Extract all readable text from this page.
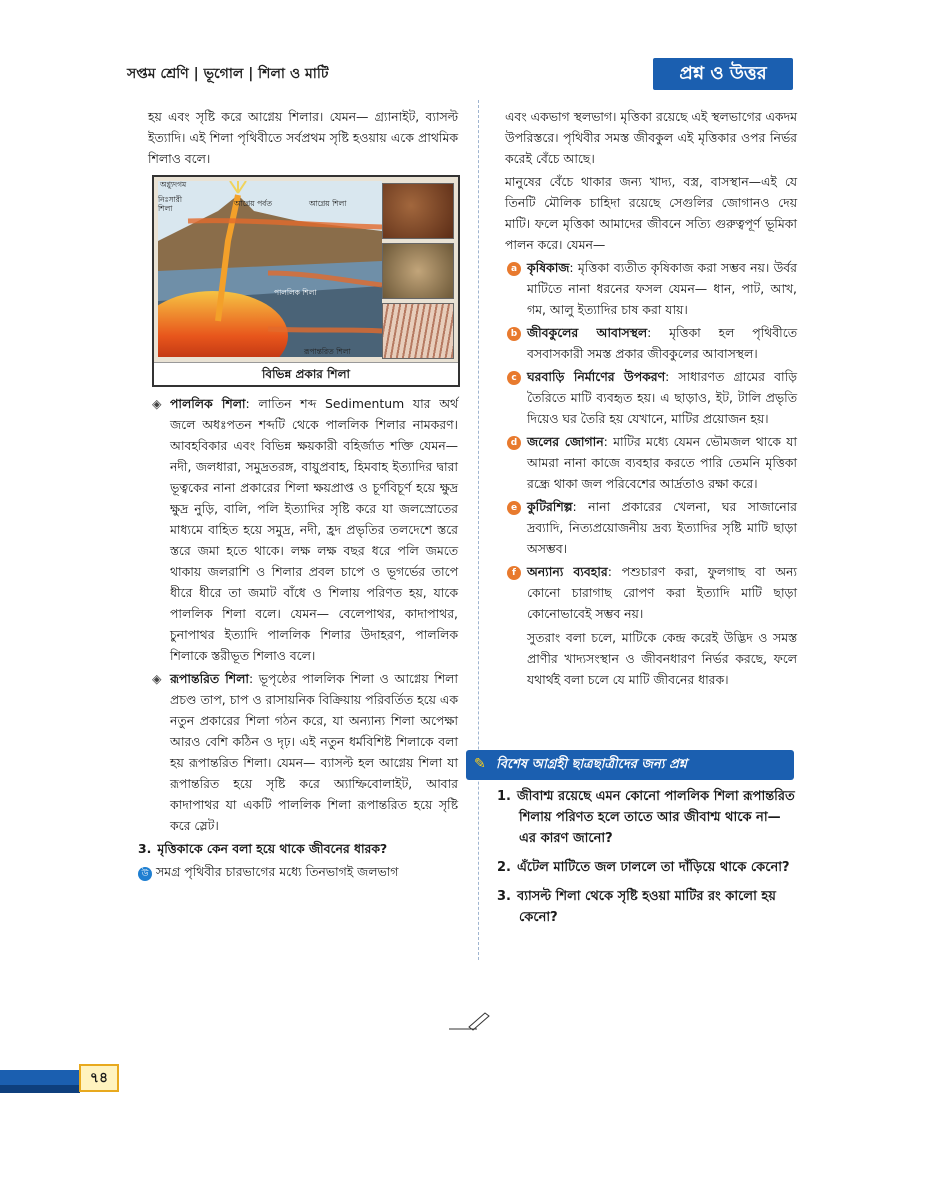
সপ্তম শ্রেণি | ভূগোল | শিলা ও মাটি	প্রশ্ন ও উত্তর

হয় এবং সৃষ্টি করে আগ্নেয় শিলার। যেমন— গ্র্যানাইট, ব্যাসল্ট ইত্যাদি। এই শিলা পৃথিবীতে সর্বপ্রথম সৃষ্টি হওয়ায় একে প্রাথমিক শিলাও বলে।

অগ্ন্যুদগম
নিঃসারী
শিলা
আগ্নেয় পর্বত	আগ্নেয় শিলা
পাললিক শিলা
রূপান্তরিত শিলা
বিভিন্ন প্রকার শিলা

◈ পাললিক শিলা: লাতিন শব্দ Sedimentum যার অর্থ জলে অধঃপতন শব্দটি থেকে পাললিক শিলার নামকরণ। আবহবিকার এবং বিভিন্ন ক্ষয়কারী বহির্জাত শক্তি যেমন— নদী, জলধারা, সমুদ্রতরঙ্গ, বায়ুপ্রবাহ, হিমবাহ ইত্যাদির দ্বারা ভূত্বকের নানা প্রকারের শিলা ক্ষয়প্রাপ্ত ও চূর্ণবিচূর্ণ হয়ে ক্ষুদ্র ক্ষুদ্র নুড়ি, বালি, পলি ইত্যাদির সৃষ্টি করে যা জলস্রোতের মাধ্যমে বাহিত হয়ে সমুদ্র, নদী, হ্রদ প্রভৃতির তলদেশে স্তরে স্তরে জমা হতে থাকে। লক্ষ লক্ষ বছর ধরে পলি জমতে থাকায় জলরাশি ও শিলার প্রবল চাপে ও ভূগর্ভের তাপে ধীরে ধীরে তা জমাট বাঁধে ও শিলায় পরিণত হয়, যাকে পাললিক শিলা বলে। যেমন— বেলেপাথর, কাদাপাথর, চুনাপাথর ইত্যাদি পাললিক শিলার উদাহরণ, পাললিক শিলাকে স্তরীভূত শিলাও বলে।

◈ রূপান্তরিত শিলা: ভূপৃষ্ঠের পাললিক শিলা ও আগ্নেয় শিলা প্রচণ্ড তাপ, চাপ ও রাসায়নিক বিক্রিয়ায় পরিবর্তিত হয়ে এক নতুন প্রকারের শিলা গঠন করে, যা অন্যান্য শিলা অপেক্ষা আরও বেশি কঠিন ও দৃঢ়। এই নতুন ধর্মবিশিষ্ট শিলাকে বলা হয় রূপান্তরিত শিলা। যেমন— ব্যাসল্ট হল আগ্নেয় শিলা যা রূপান্তরিত হয়ে সৃষ্টি করে অ্যাম্ফিবোলাইট, আবার কাদাপাথর যা একটি পাললিক শিলা রূপান্তরিত হয়ে সৃষ্টি করে স্লেট।

3. মৃত্তিকাকে কেন বলা হয়ে থাকে জীবনের ধারক?

উ সমগ্র পৃথিবীর চারভাগের মধ্যে তিনভাগই জলভাগ

এবং একভাগ স্থলভাগ। মৃত্তিকা রয়েছে এই স্থলভাগের একদম উপরিস্তরে। পৃথিবীর সমস্ত জীবকুল এই মৃত্তিকার ওপর নির্ভর করেই বেঁচে আছে।

মানুষের বেঁচে থাকার জন্য খাদ্য, বস্ত্র, বাসস্থান—এই যে তিনটি মৌলিক চাহিদা রয়েছে সেগুলির জোগানও দেয় মাটি। ফলে মৃত্তিকা আমাদের জীবনে সত্যি গুরুত্বপূর্ণ ভূমিকা পালন করে। যেমন—

a কৃষিকাজ: মৃত্তিকা ব্যতীত কৃষিকাজ করা সম্ভব নয়। উর্বর মাটিতে নানা ধরনের ফসল যেমন— ধান, পাট, আখ, গম, আলু ইত্যাদির চাষ করা যায়।
b জীবকুলের আবাসস্থল: মৃত্তিকা হল পৃথিবীতে বসবাসকারী সমস্ত প্রকার জীবকুলের আবাসস্থল।
c ঘরবাড়ি নির্মাণের উপকরণ: সাধারণত গ্রামের বাড়ি তৈরিতে মাটি ব্যবহৃত হয়। এ ছাড়াও, ইট, টালি প্রভৃতি দিয়েও ঘর তৈরি হয় যেখানে, মাটির প্রয়োজন হয়।
d জলের জোগান: মাটির মধ্যে যেমন ভৌমজল থাকে যা আমরা নানা কাজে ব্যবহার করতে পারি তেমনি মৃত্তিকা রন্ধ্রে থাকা জল পরিবেশের আর্দ্রতাও রক্ষা করে।
e কুটিরশিল্প: নানা প্রকারের খেলনা, ঘর সাজানোর দ্রব্যাদি, নিত্যপ্রয়োজনীয় দ্রব্য ইত্যাদির সৃষ্টি মাটি ছাড়া অসম্ভব।
f অন্যান্য ব্যবহার: পশুচারণ করা, ফুলগাছ বা অন্য কোনো চারাগাছ রোপণ করা ইত্যাদি মাটি ছাড়া কোনোভাবেই সম্ভব নয়।

সুতরাং বলা চলে, মাটিকে কেন্দ্র করেই উদ্ভিদ ও সমস্ত প্রাণীর খাদ্যসংস্থান ও জীবনধারণ নির্ভর করছে, ফলে যথার্থই বলা চলে যে মাটি জীবনের ধারক।

✎ বিশেষ আগ্রহী ছাত্রছাত্রীদের জন্য প্রশ্ন
1. জীবাশ্ম রয়েছে এমন কোনো পাললিক শিলা রূপান্তরিত শিলায় পরিণত হলে তাতে আর জীবাশ্ম থাকে না— এর কারণ জানো?
2. এঁটেল মাটিতে জল ঢাললে তা দাঁড়িয়ে থাকে কেনো?
3. ব্যাসল্ট শিলা থেকে সৃষ্টি হওয়া মাটির রং কালো হয় কেনো?
৭৪
